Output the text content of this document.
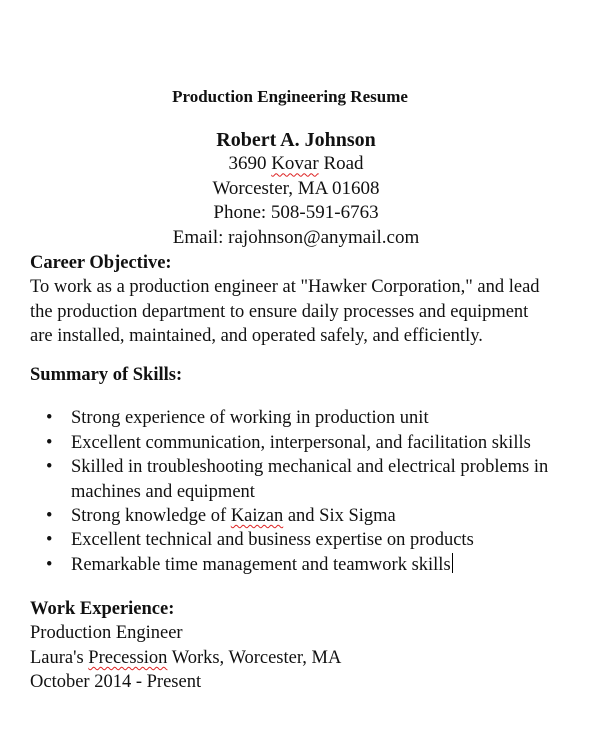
Production Engineering Resume
Robert A. Johnson
3690 Kovar Road
Worcester, MA 01608
Phone: 508-591-6763
Email: rajohnson@anymail.com
Career Objective:
To work as a production engineer at "Hawker Corporation," and lead
the production department to ensure daily processes and equipment
are installed, maintained, and operated safely, and efficiently.
Summary of Skills:
• Strong experience of working in production unit
• Excellent communication, interpersonal, and facilitation skills
• Skilled in troubleshooting mechanical and electrical problems in
machines and equipment
• Strong knowledge of Kaizan and Six Sigma
• Excellent technical and business expertise on products
• Remarkable time management and teamwork skills
Work Experience:
Production Engineer
Laura's Precession Works, Worcester, MA
October 2014 - Present
